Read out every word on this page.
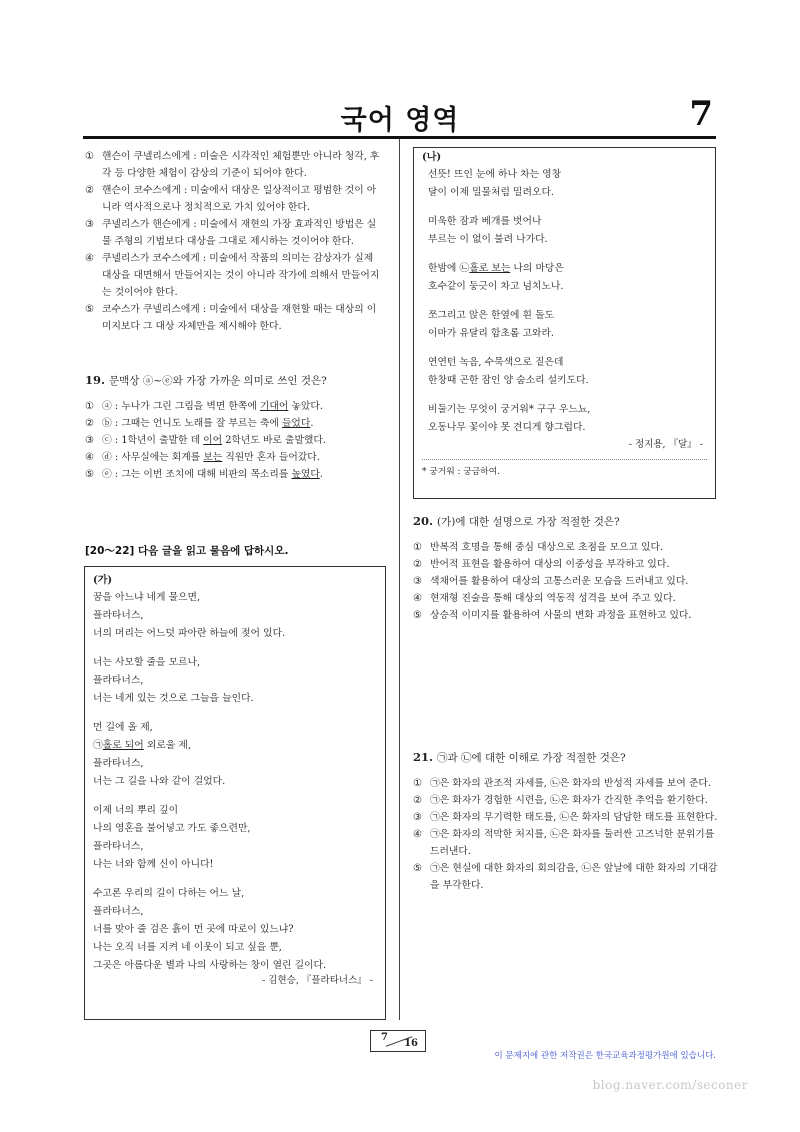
국어 영역	7
① 핸슨이 쿠넬리스에게 : 미술은 시각적인 체험뿐만 아니라 청각, 후각 등 다양한 체험이 감상의 기준이 되어야 한다.
② 핸슨이 코수스에게 : 미술에서 대상은 일상적이고 평범한 것이 아니라 역사적으로나 정치적으로 가치 있어야 한다.
③ 쿠넬리스가 핸슨에게 : 미술에서 재현의 가장 효과적인 방법은 실물 주형의 기법보다 대상을 그대로 제시하는 것이어야 한다.
④ 쿠넬리스가 코수스에게 : 미술에서 작품의 의미는 감상자가 실제 대상을 대면해서 만들어지는 것이 아니라 작가에 의해서 만들어지는 것이어야 한다.
⑤ 코수스가 쿠넬리스에게 : 미술에서 대상을 재현할 때는 대상의 이미지보다 그 대상 자체만을 제시해야 한다.
19. 문맥상 ⓐ~ⓔ와 가장 가까운 의미로 쓰인 것은?
① ⓐ : 누나가 그린 그림을 벽면 한쪽에 기대어 놓았다.
② ⓑ : 그때는 언니도 노래를 잘 부르는 축에 들었다.
③ ⓒ : 1학년이 출발한 데 이어 2학년도 바로 출발했다.
④ ⓓ : 사무실에는 회계를 보는 직원만 혼자 들어갔다.
⑤ ⓔ : 그는 이번 조치에 대해 비판의 목소리를 높였다.
[20～22] 다음 글을 읽고 물음에 답하시오.
(가)
꿈을 아느냐 네게 물으면,
플라타너스,
너의 머리는 어느덧 파아란 하늘에 젖어 있다.
너는 사모할 줄을 모르나,
플라타너스,
너는 네게 있는 것으로 그늘을 늘인다.
먼 길에 올 제,
㉠홀로 되어 외로울 제,
플라타너스,
너는 그 길을 나와 같이 걸었다.
이제 너의 뿌리 깊이
나의 영혼을 불어넣고 가도 좋으련만,
플라타너스,
나는 너와 함께 신이 아니다!
수고론 우리의 길이 다하는 어느 날,
플라타너스,
너를 맞아 줄 검은 흙이 먼 곳에 따로이 있느냐?
나는 오직 너를 지켜 네 이웃이 되고 싶을 뿐,
그곳은 아름다운 별과 나의 사랑하는 창이 열린 길이다.
- 김현승, 『플라타너스』 -
(나)
선뜻! 뜨인 눈에 하나 차는 영창
달이 이제 밀물처럼 밀려오다.
미욱한 잠과 베개를 벗어나
부르는 이 없이 불려 나가다.
한밤에 ㉡홀로 보는 나의 마당은
호수같이 둥긋이 차고 넘치노나.
쪼그리고 앉은 한옆에 흰 돌도
이마가 유달리 함초롬 고와라.
연연턴 녹음, 수묵색으로 짙은데
한창때 곤한 잠인 양 숨소리 설키도다.
비둘기는 무엇이 궁거워* 구구 우느뇨,
오동나무 꽃이야 못 견디게 향그럽다.
- 정지용, 『달』 -
* 궁거워 : 궁금하여.
20. (가)에 대한 설명으로 가장 적절한 것은?
① 반복적 호명을 통해 중심 대상으로 초점을 모으고 있다.
② 반어적 표현을 활용하여 대상의 이중성을 부각하고 있다.
③ 색채어를 활용하여 대상의 고통스러운 모습을 드러내고 있다.
④ 현재형 진술을 통해 대상의 역동적 성격을 보여 주고 있다.
⑤ 상승적 이미지를 활용하여 사물의 변화 과정을 표현하고 있다.
21. ㉠과 ㉡에 대한 이해로 가장 적절한 것은?
① ㉠은 화자의 관조적 자세를, ㉡은 화자의 반성적 자세를 보여 준다.
② ㉠은 화자가 경험한 시련을, ㉡은 화자가 간직한 추억을 환기한다.
③ ㉠은 화자의 무기력한 태도를, ㉡은 화자의 담담한 태도를 표현한다.
④ ㉠은 화자의 적막한 처지를, ㉡은 화자를 둘러싼 고즈넉한 분위기를 드러낸다.
⑤ ㉠은 현실에 대한 화자의 회의감을, ㉡은 앞날에 대한 화자의 기대감을 부각한다.
7
16
이 문제지에 관한 저작권은 한국교육과정평가원에 있습니다.
blog.naver.com/seconer
